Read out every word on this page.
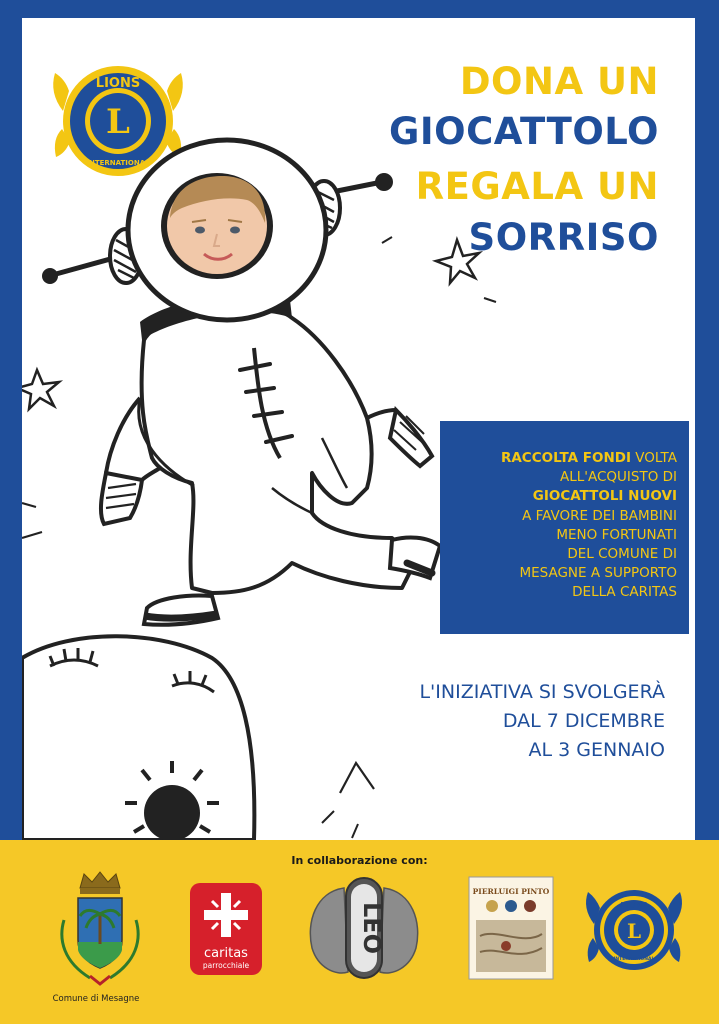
L
LIONS
INTERNATIONAL
DONA UN
GIOCATTOLO
REGALA UN
SORRISO
RACCOLTA FONDI VOLTA
ALL'ACQUISTO DI
GIOCATTOLI NUOVI
A FAVORE DEI BAMBINI
MENO FORTUNATI
DEL COMUNE DI
MESAGNE A SUPPORTO
DELLA CARITAS
L'INIZIATIVA SI SVOLGERÀ
DAL 7 DICEMBRE
AL 3 GENNAIO
In collaborazione con:
Comune di Mesagne
caritas
parrocchiale
LEO
PIERLUIGI PINTO
L
LIONS
INTERNATIONAL
